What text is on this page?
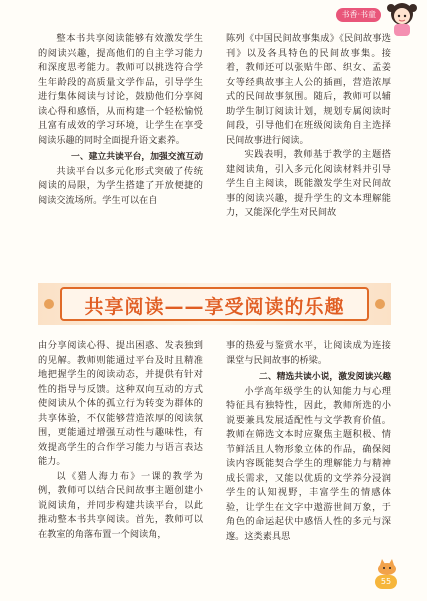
书香·书童

整本书共享阅读能够有效激发学生的阅读兴趣，提高他们的自主学习能力和深度思考能力。教师可以挑选符合学生年龄段的高质量文学作品，引导学生进行集体阅读与讨论，鼓励他们分享阅读心得和感悟，从而构建一个轻松愉悦且富有成效的学习环境，让学生在享受阅读乐趣的同时全面提升语文素养。

一、建立共读平台，加强交流互动

共读平台以多元化形式突破了传统阅读的局限，为学生搭建了开放便捷的阅读交流场所。学生可以在自

陈列《中国民间故事集成》《民间故事选刊》以及各具特色的民间故事集。接着，教师还可以张贴牛郎、织女、孟姜女等经典故事主人公的插画，营造浓厚式的民间故事氛围。随后，教师可以辅助学生制订阅读计划，规划专属阅读时间段，引导他们在班级阅读角自主选择民间故事进行阅读。

实践表明，教师基于教学的主题搭建阅读角，引入多元化阅读材料并引导学生自主阅读，既能激发学生对民间故事的阅读兴趣，提升学生的文本理解能力，又能深化学生对民间故

共享阅读——享受阅读的乐趣

由分享阅读心得、提出困惑、发表独到的见解。教师则能通过平台及时且精准地把握学生的阅读动态，并提供有针对性的指导与反馈。这种双向互动的方式使阅读从个体的孤立行为转变为群体的共享体验，不仅能够营造浓厚的阅读氛围，更能通过增强互动性与趣味性，有效提高学生的合作学习能力与语言表达能力。

以《猎人海力布》一课的教学为例，教师可以结合民间故事主题创建小说阅读角，并同步构建共读平台，以此推动整本书共享阅读。首先，教师可以在教室的角落布置一个阅读角，

事的热爱与鉴赏水平，让阅读成为连接课堂与民间故事的桥梁。

二、精选共读小说，激发阅读兴趣

小学高年级学生的认知能力与心理特征具有独特性，因此，教师所选的小说要兼具发展适配性与文学教育价值。教师在筛选文本时应聚焦主题积极、情节鲜活且人物形象立体的作品，确保阅读内容既能契合学生的理解能力与精神成长需求，又能以优质的文学养分浸润学生的认知视野，丰富学生的情感体验，让学生在文字中遨游世间万象，于角色的命运起伏中感悟人性的多元与深邃。这类素具思

55
